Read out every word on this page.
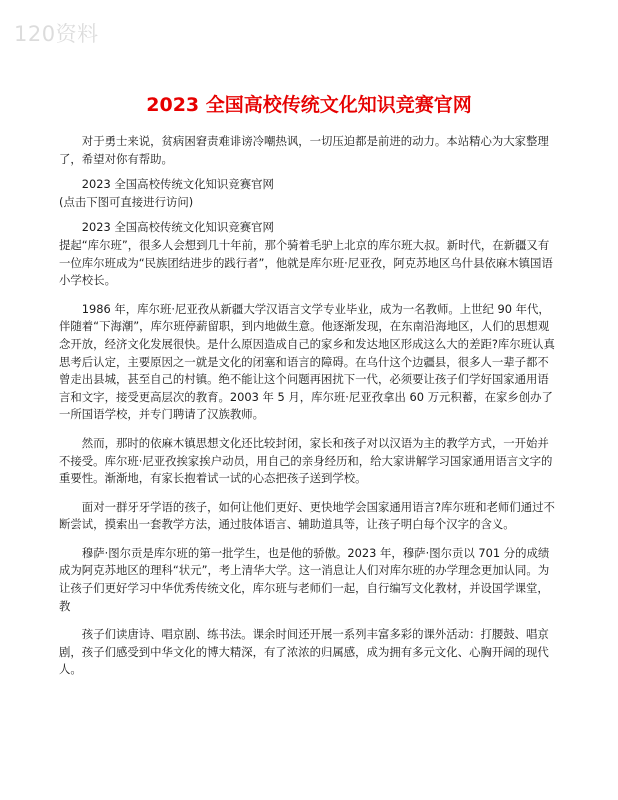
120资料
2023 全国高校传统文化知识竞赛官网

对于勇士来说，贫病困窘责难诽谤冷嘲热讽，一切压迫都是前进的动力。本站精心为大家整理了，希望对你有帮助。

2023 全国高校传统文化知识竞赛官网

(点击下图可直接进行访问)

2023 全国高校传统文化知识竞赛官网

提起“库尔班”，很多人会想到几十年前，那个骑着毛驴上北京的库尔班大叔。新时代，在新疆又有一位库尔班成为“民族团结进步的践行者”，他就是库尔班·尼亚孜，阿克苏地区乌什县依麻木镇国语小学校长。

1986 年，库尔班·尼亚孜从新疆大学汉语言文学专业毕业，成为一名教师。上世纪 90 年代，伴随着“下海潮”，库尔班停薪留职，到内地做生意。他逐渐发现，在东南沿海地区，人们的思想观念开放，经济文化发展很快。是什么原因造成自己的家乡和发达地区形成这么大的差距?库尔班认真思考后认定，主要原因之一就是文化的闭塞和语言的障碍。在乌什这个边疆县，很多人一辈子都不曾走出县城，甚至自己的村镇。绝不能让这个问题再困扰下一代，必须要让孩子们学好国家通用语言和文字，接受更高层次的教育。2003 年 5 月，库尔班·尼亚孜拿出 60 万元积蓄，在家乡创办了一所国语学校，并专门聘请了汉族教师。

然而，那时的依麻木镇思想文化还比较封闭，家长和孩子对以汉语为主的教学方式，一开始并不接受。库尔班·尼亚孜挨家挨户动员，用自己的亲身经历和，给大家讲解学习国家通用语言文字的重要性。渐渐地，有家长抱着试一试的心态把孩子送到学校。

面对一群牙牙学语的孩子，如何让他们更好、更快地学会国家通用语言?库尔班和老师们通过不断尝试，摸索出一套教学方法，通过肢体语言、辅助道具等，让孩子明白每个汉字的含义。

穆萨·图尔贡是库尔班的第一批学生，也是他的骄傲。2023 年，穆萨·图尔贡以 701 分的成绩成为阿克苏地区的理科“状元”，考上清华大学。这一消息让人们对库尔班的办学理念更加认同。为让孩子们更好学习中华优秀传统文化，库尔班与老师们一起，自行编写文化教材，并设国学课堂，教

孩子们读唐诗、唱京剧、练书法。课余时间还开展一系列丰富多彩的课外活动：打腰鼓、唱京剧，孩子们感受到中华文化的博大精深，有了浓浓的归属感，成为拥有多元文化、心胸开阔的现代人。
